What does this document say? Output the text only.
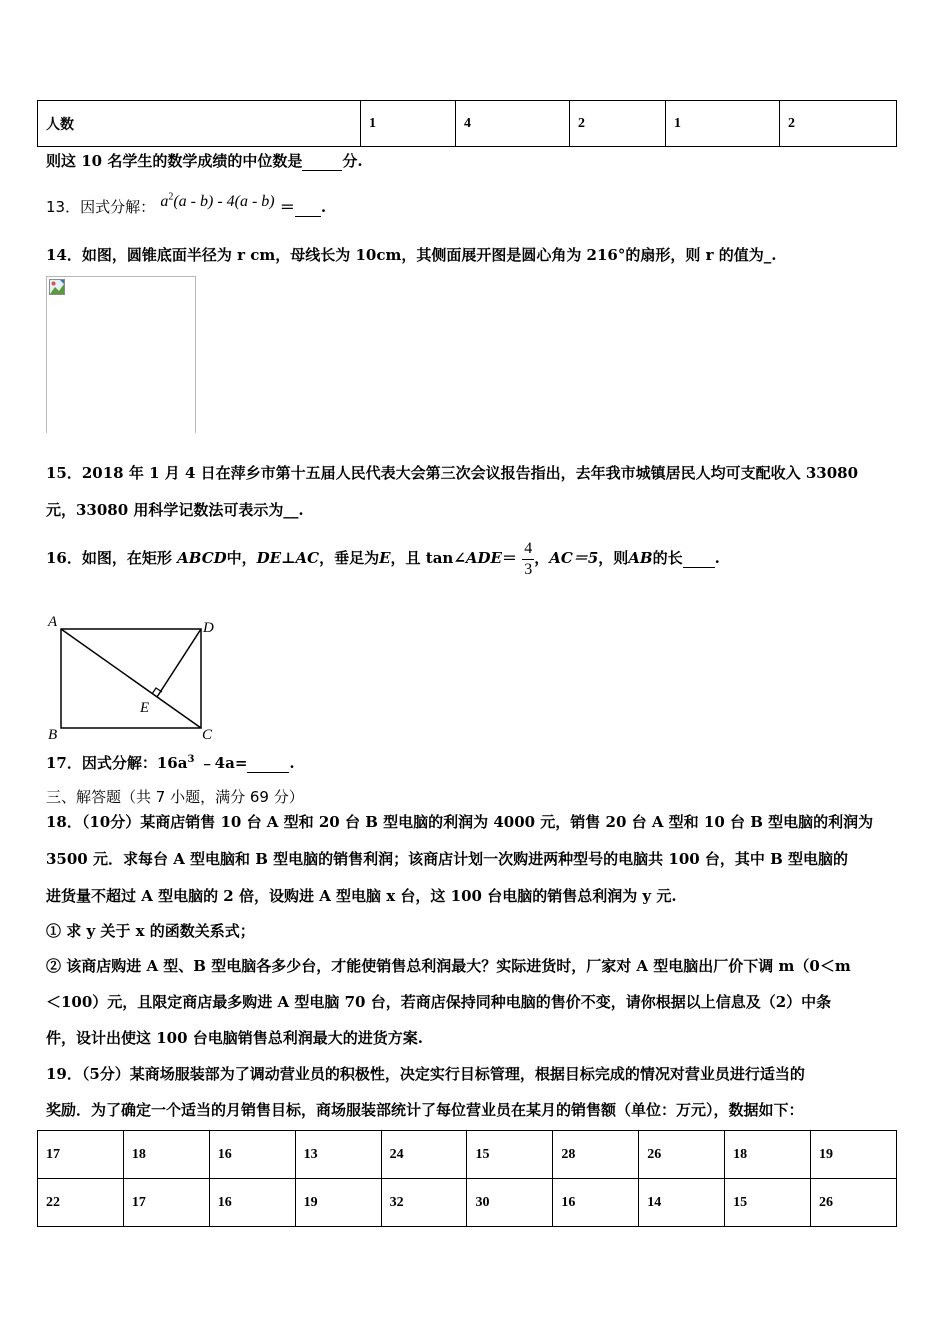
人数	1	4	2	1	2
则这 10 名学生的数学成绩的中位数是	分.
13．因式分解： $a^2(a - b) - 4(a - b)$ ＝ .
14．如图，圆锥底面半径为 r cm，母线长为 10cm，其侧面展开图是圆心角为 216°的扇形，则 r 的值为_.
15．2018 年 1 月 4 日在萍乡市第十五届人民代表大会第三次会议报告指出，去年我市城镇居民人均可支配收入 33080
元，33080 用科学记数法可表示为__.
16．如图，在矩形 ABCD中，DE⊥AC，垂足为E，且 tan∠ADE＝ $\frac{4}{3}$ ，AC＝5，则AB的长 .
A
B	C
D
E
17．因式分解：$16a^3$ ﹣4a=	.
三、解答题（共 7 小题，满分 69 分）
18．（10分）某商店销售 10 台 A 型和 20 台 B 型电脑的利润为 4000 元，销售 20 台 A 型和 10 台 B 型电脑的利润为
3500 元．求每台 A 型电脑和 B 型电脑的销售利润；该商店计划一次购进两种型号的电脑共 100 台，其中 B 型电脑的
进货量不超过 A 型电脑的 2 倍，设购进 A 型电脑 x 台，这 100 台电脑的销售总利润为 y 元.
① 求 y 关于 x 的函数关系式；
② 该商店购进 A 型、B 型电脑各多少台，才能使销售总利润最大？实际进货时，厂家对 A 型电脑出厂价下调 m（0＜m
＜100）元，且限定商店最多购进 A 型电脑 70 台，若商店保持同种电脑的售价不变，请你根据以上信息及（2）中条
件，设计出使这 100 台电脑销售总利润最大的进货方案.
19．（5分）某商场服装部为了调动营业员的积极性，决定实行目标管理，根据目标完成的情况对营业员进行适当的
奖励．为了确定一个适当的月销售目标，商场服装部统计了每位营业员在某月的销售额（单位：万元），数据如下：
17	18	16	13	24	15	28	26	18	19
22	17	16	19	32	30	16	14	15	26
